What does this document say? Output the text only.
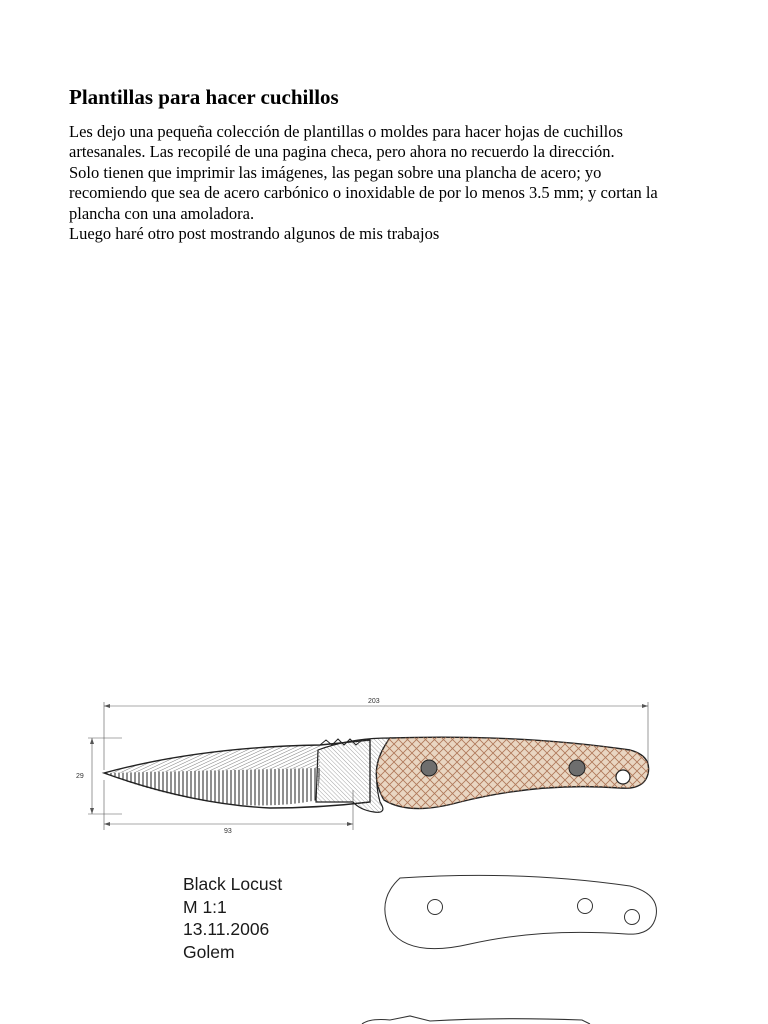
Plantillas para hacer cuchillos
Les dejo una pequeña colección de plantillas o moldes para hacer hojas de cuchillos
artesanales. Las recopilé de una pagina checa, pero ahora no recuerdo la dirección.
Solo tienen que imprimir las imágenes, las pegan sobre una plancha de acero; yo
recomiendo que sea de acero carbónico o inoxidable de por lo menos 3.5 mm; y cortan la
plancha con una amoladora.
Luego haré otro post mostrando algunos de mis trabajos
203
29
93
Black Locust
M 1:1
13.11.2006
Golem
